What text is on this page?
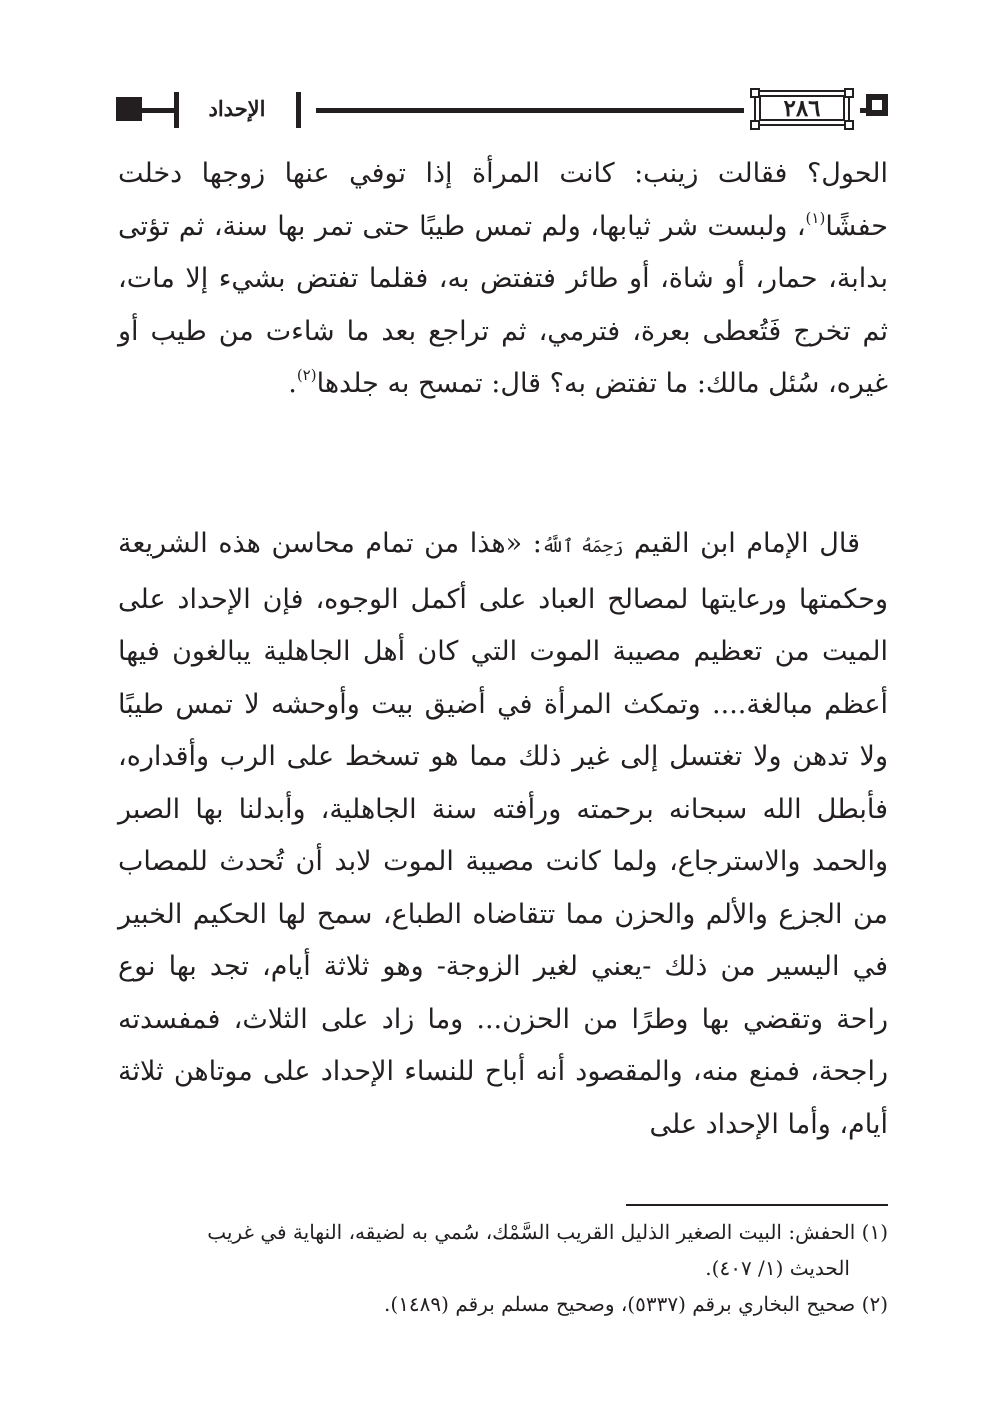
الإحداد	٢٨٦

الحول؟ فقالت زينب: كانت المرأة إذا توفي عنها زوجها دخلت حفشًا$^{(١)}$، ولبست شر ثيابها، ولم تمس طيبًا حتى تمر بها سنة، ثم تؤتى بدابة، حمار، أو شاة، أو طائر فتفتض به، فقلما تفتض بشيء إلا مات، ثم تخرج فَتُعطى بعرة، فترمي، ثم تراجع بعد ما شاءت من طيب أو غيره، سُئل مالك: ما تفتض به؟ قال: تمسح به جلدها$^{(٢)}$.

قال الإمام ابن القيم رَحِمَهُ ٱللَّهُ: «هذا من تمام محاسن هذه الشريعة وحكمتها ورعايتها لمصالح العباد على أكمل الوجوه، فإن الإحداد على الميت من تعظيم مصيبة الموت التي كان أهل الجاهلية يبالغون فيها أعظم مبالغة.... وتمكث المرأة في أضيق بيت وأوحشه لا تمس طيبًا ولا تدهن ولا تغتسل إلى غير ذلك مما هو تسخط على الرب وأقداره، فأبطل الله سبحانه برحمته ورأفته سنة الجاهلية، وأبدلنا بها الصبر والحمد والاسترجاع، ولما كانت مصيبة الموت لابد أن تُحدث للمصاب من الجزع والألم والحزن مما تتقاضاه الطباع، سمح لها الحكيم الخبير في اليسير من ذلك -يعني لغير الزوجة- وهو ثلاثة أيام، تجد بها نوع راحة وتقضي بها وطرًا من الحزن... وما زاد على الثلاث، فمفسدته راجحة، فمنع منه، والمقصود أنه أباح للنساء الإحداد على موتاهن ثلاثة أيام، وأما الإحداد على

(١) الحفش: البيت الصغير الذليل القريب السَّمْك، سُمي به لضيقه، النهاية في غريب

الحديث (١/ ٤٠٧).

(٢) صحيح البخاري برقم (٥٣٣٧)، وصحيح مسلم برقم (١٤٨٩).
